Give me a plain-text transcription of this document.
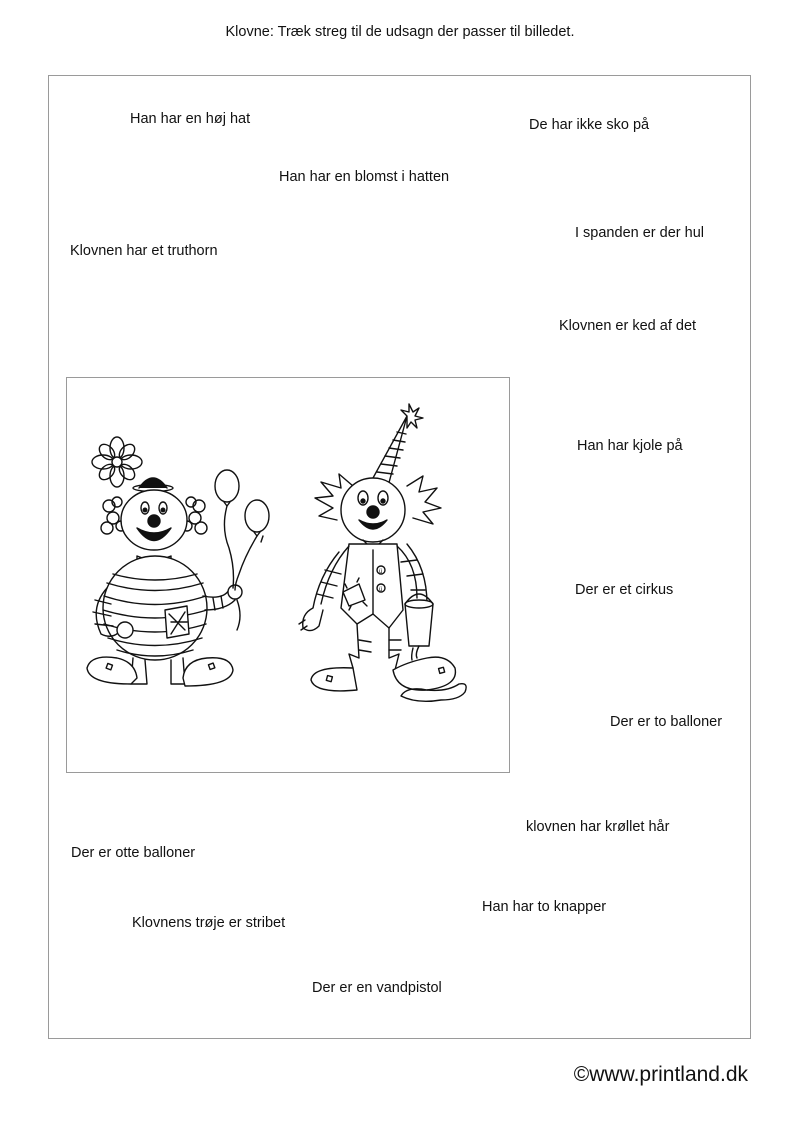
Klovne: Træk streg til de udsagn der passer til billedet.
Han har en høj hat	De har ikke sko på
Han har en blomst i hatten
I spanden er der hul
Klovnen har et truthorn
Klovnen er ked af det
Han har kjole på
Der er et cirkus
Der er to balloner
klovnen har krøllet hår
Der er otte balloner
Han har to knapper
Klovnens trøje er stribet
Der er en vandpistol
ü
ü
©www.printland.dk
